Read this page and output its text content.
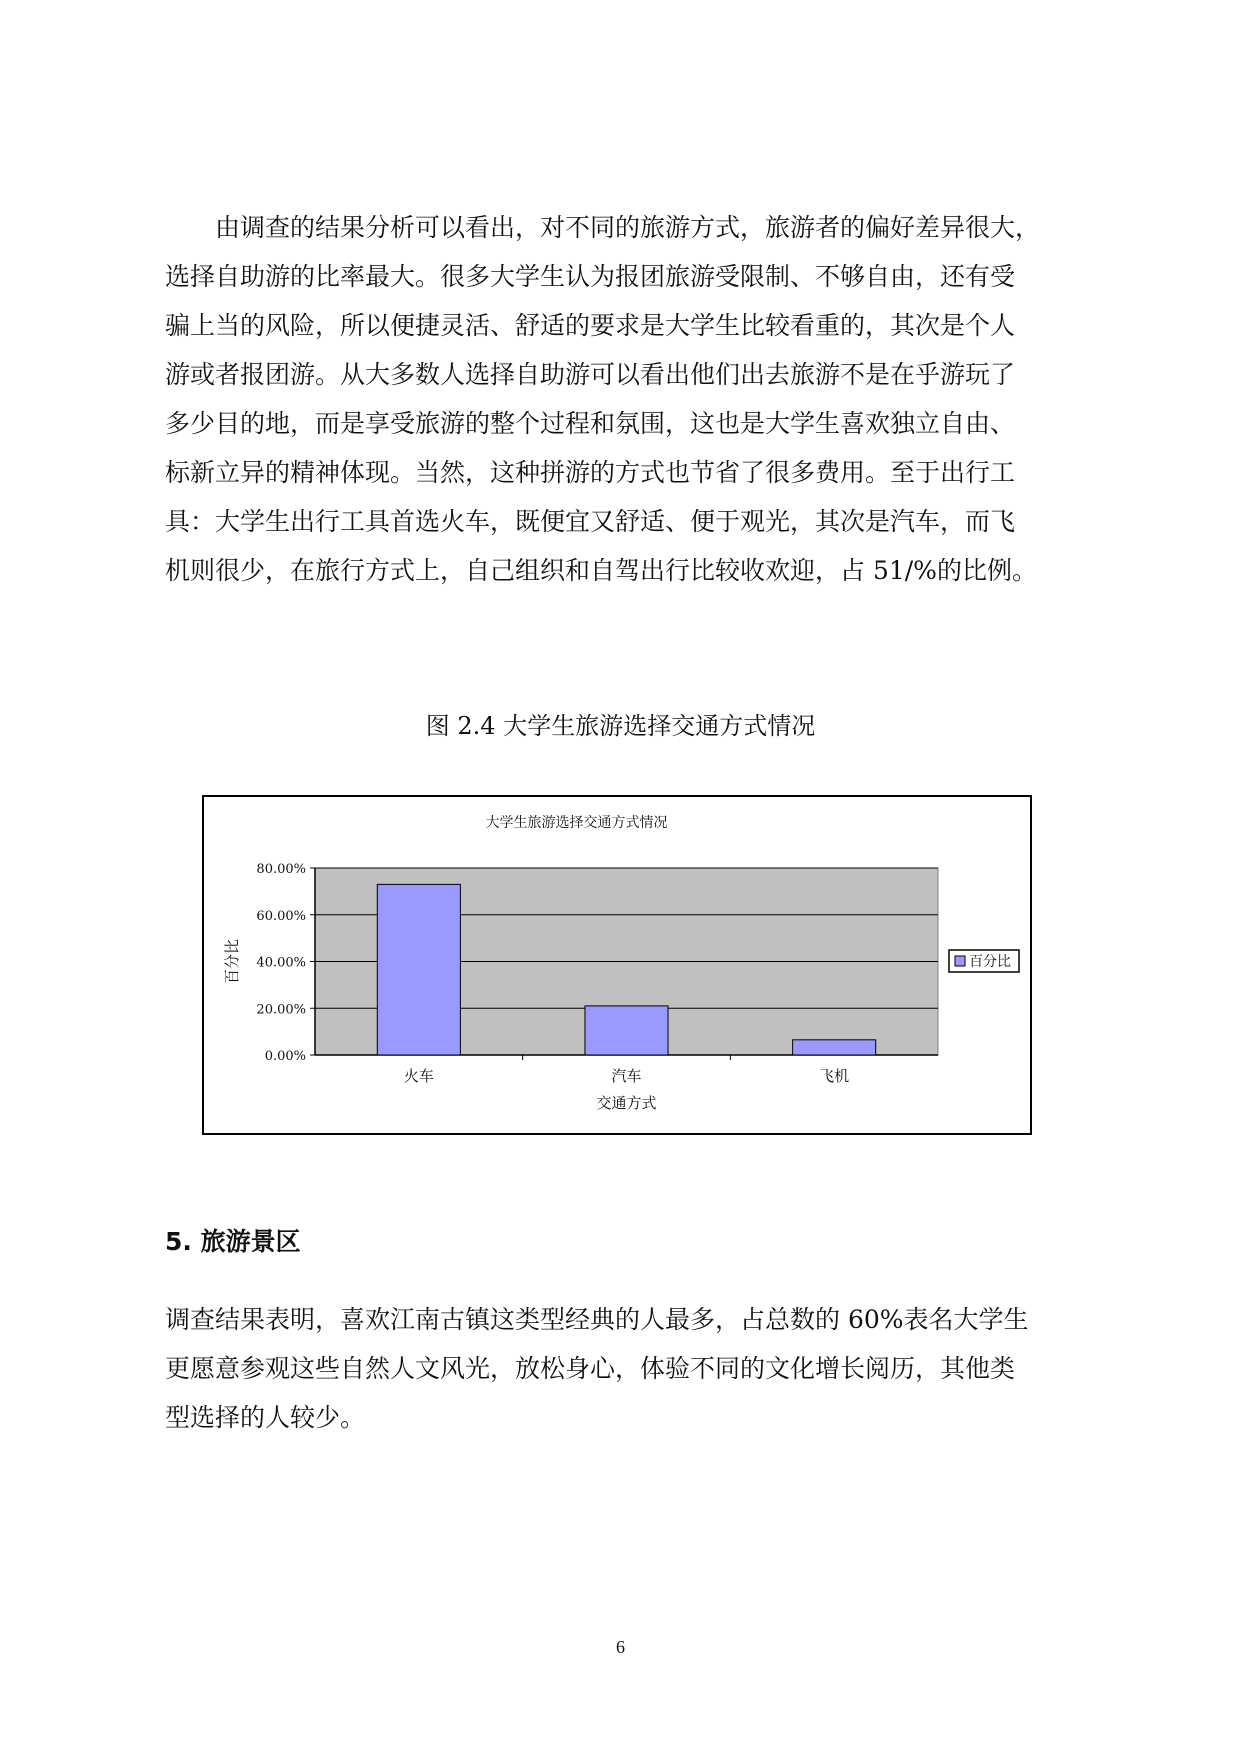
由调查的结果分析可以看出，对不同的旅游方式，旅游者的偏好差异很大，
选择自助游的比率最大。很多大学生认为报团旅游受限制、不够自由，还有受
骗上当的风险，所以便捷灵活、舒适的要求是大学生比较看重的，其次是个人
游或者报团游。从大多数人选择自助游可以看出他们出去旅游不是在乎游玩了
多少目的地，而是享受旅游的整个过程和氛围，这也是大学生喜欢独立自由、
标新立异的精神体现。当然，这种拼游的方式也节省了很多费用。至于出行工
具：大学生出行工具首选火车，既便宜又舒适、便于观光，其次是汽车，而飞
机则很少，在旅行方式上，自己组织和自驾出行比较收欢迎，占 51/%的比例。
图 2.4 大学生旅游选择交通方式情况
大学生旅游选择交通方式情况
0.00%
20.00%
40.00%
60.00%
80.00%
火车	汽车	飞机
交通方式
百分比	百分比
5. 旅游景区
调查结果表明，喜欢江南古镇这类型经典的人最多，占总数的 60%表名大学生
更愿意参观这些自然人文风光，放松身心，体验不同的文化增长阅历，其他类
型选择的人较少。
6
